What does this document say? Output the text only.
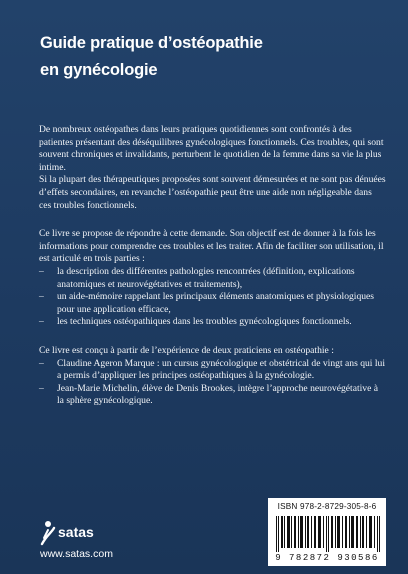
Guide pratique d’ostéopathie
en gynécologie

De nombreux ostéopathes dans leurs pratiques quotidiennes sont confrontés à des patientes présentant des déséquilibres gynécologiques fonctionnels. Ces troubles, qui sont souvent chroniques et invalidants, perturbent le quotidien de la femme dans sa vie la plus intime.

Si la plupart des thérapeutiques proposées sont souvent démesurées et ne sont pas dénuées d’effets secondaires, en revanche l’ostéopathie peut être une aide non négligeable dans ces troubles fonctionnels.

Ce livre se propose de répondre à cette demande. Son objectif est de donner à la fois les informations pour comprendre ces troubles et les traiter. Afin de faciliter son utilisation, il est articulé en trois parties :

– la description des différentes pathologies rencontrées (définition, explications anatomiques et neurovégétatives et traitements),
– un aide-mémoire rappelant les principaux éléments anatomiques et physiologiques pour une application efficace,
– les techniques ostéopathiques dans les troubles gynécologiques fonctionnels.

Ce livre est conçu à partir de l’expérience de deux praticiens en ostéopathie :

– Claudine Ageron Marque : un cursus gynécologique et obstétrical de vingt ans qui lui a permis d’appliquer les principes ostéopathiques à la gynécologie.
– Jean-Marie Michelin, élève de Denis Brookes, intègre l’approche neurovégétative à la sphère gynécologique.
ISBN 978-2-8729-305-8-6
9 782872 930586
satas
www.satas.com
